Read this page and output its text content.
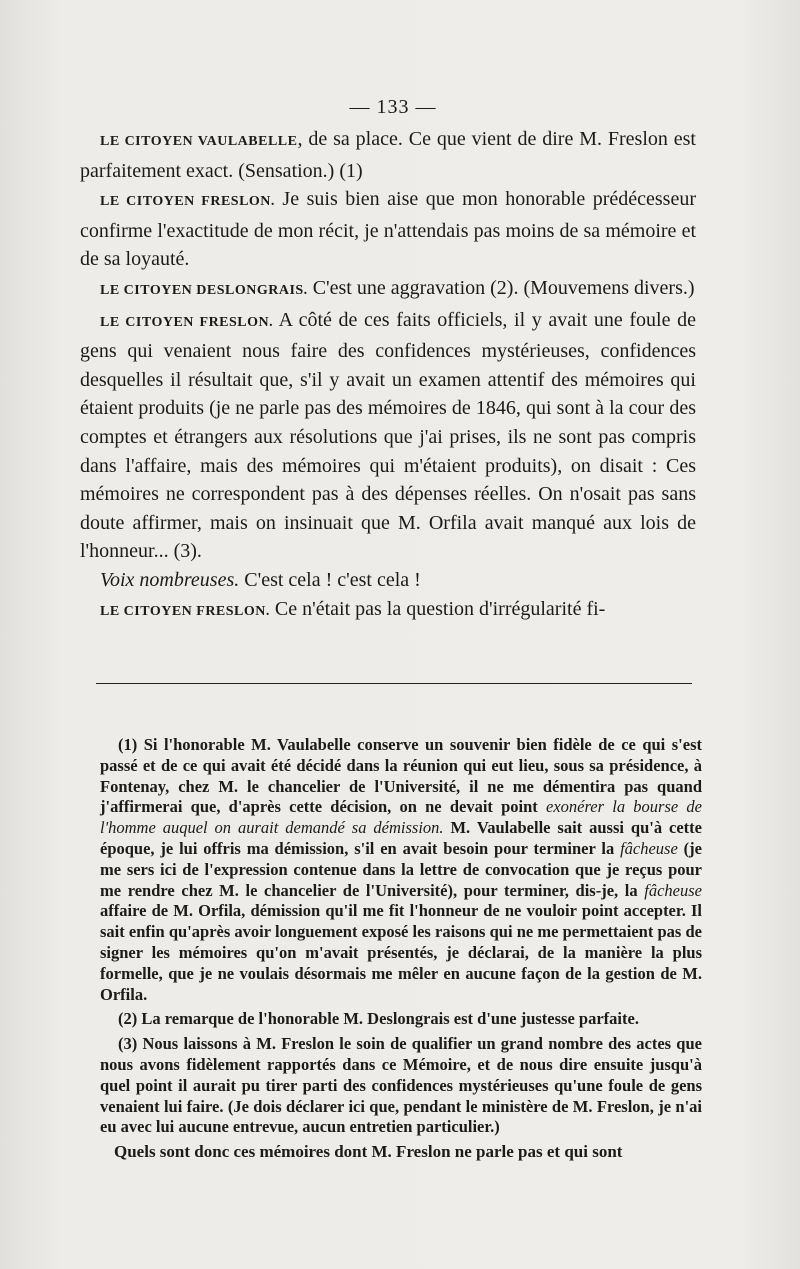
— 133 —

LE CITOYEN VAULABELLE, de sa place. Ce que vient de dire M. Freslon est parfaitement exact. (Sensation.) (1)

LE CITOYEN FRESLON. Je suis bien aise que mon honorable prédécesseur confirme l'exactitude de mon récit, je n'attendais pas moins de sa mémoire et de sa loyauté.

LE CITOYEN DESLONGRAIS. C'est une aggravation (2). (Mouvemens divers.)

LE CITOYEN FRESLON. A côté de ces faits officiels, il y avait une foule de gens qui venaient nous faire des confidences mystérieuses, confidences desquelles il résultait que, s'il y avait un examen attentif des mémoires qui étaient produits (je ne parle pas des mémoires de 1846, qui sont à la cour des comptes et étrangers aux résolutions que j'ai prises, ils ne sont pas compris dans l'affaire, mais des mémoires qui m'étaient produits), on disait : Ces mémoires ne correspondent pas à des dépenses réelles. On n'osait pas sans doute affirmer, mais on insinuait que M. Orfila avait manqué aux lois de l'honneur... (3).

Voix nombreuses. C'est cela ! c'est cela !

LE CITOYEN FRESLON. Ce n'était pas la question d'irrégularité fi-

(1) Si l'honorable M. Vaulabelle conserve un souvenir bien fidèle de ce qui s'est passé et de ce qui avait été décidé dans la réunion qui eut lieu, sous sa présidence, à Fontenay, chez M. le chancelier de l'Université, il ne me démentira pas quand j'affirmerai que, d'après cette décision, on ne devait point exonérer la bourse de l'homme auquel on aurait demandé sa démission. M. Vaulabelle sait aussi qu'à cette époque, je lui offris ma démission, s'il en avait besoin pour terminer la fâcheuse (je me sers ici de l'expression contenue dans la lettre de convocation que je reçus pour me rendre chez M. le chancelier de l'Université), pour terminer, dis-je, la fâcheuse affaire de M. Orfila, démission qu'il me fit l'honneur de ne vouloir point accepter. Il sait enfin qu'après avoir longuement exposé les raisons qui ne me permettaient pas de signer les mémoires qu'on m'avait présentés, je déclarai, de la manière la plus formelle, que je ne voulais désormais me mêler en aucune façon de la gestion de M. Orfila.

(2) La remarque de l'honorable M. Deslongrais est d'une justesse parfaite.

(3) Nous laissons à M. Freslon le soin de qualifier un grand nombre des actes que nous avons fidèlement rapportés dans ce Mémoire, et de nous dire ensuite jusqu'à quel point il aurait pu tirer parti des confidences mystérieuses qu'une foule de gens venaient lui faire. (Je dois déclarer ici que, pendant le ministère de M. Freslon, je n'ai eu avec lui aucune entrevue, aucun entretien particulier.)

Quels sont donc ces mémoires dont M. Freslon ne parle pas et qui sont
